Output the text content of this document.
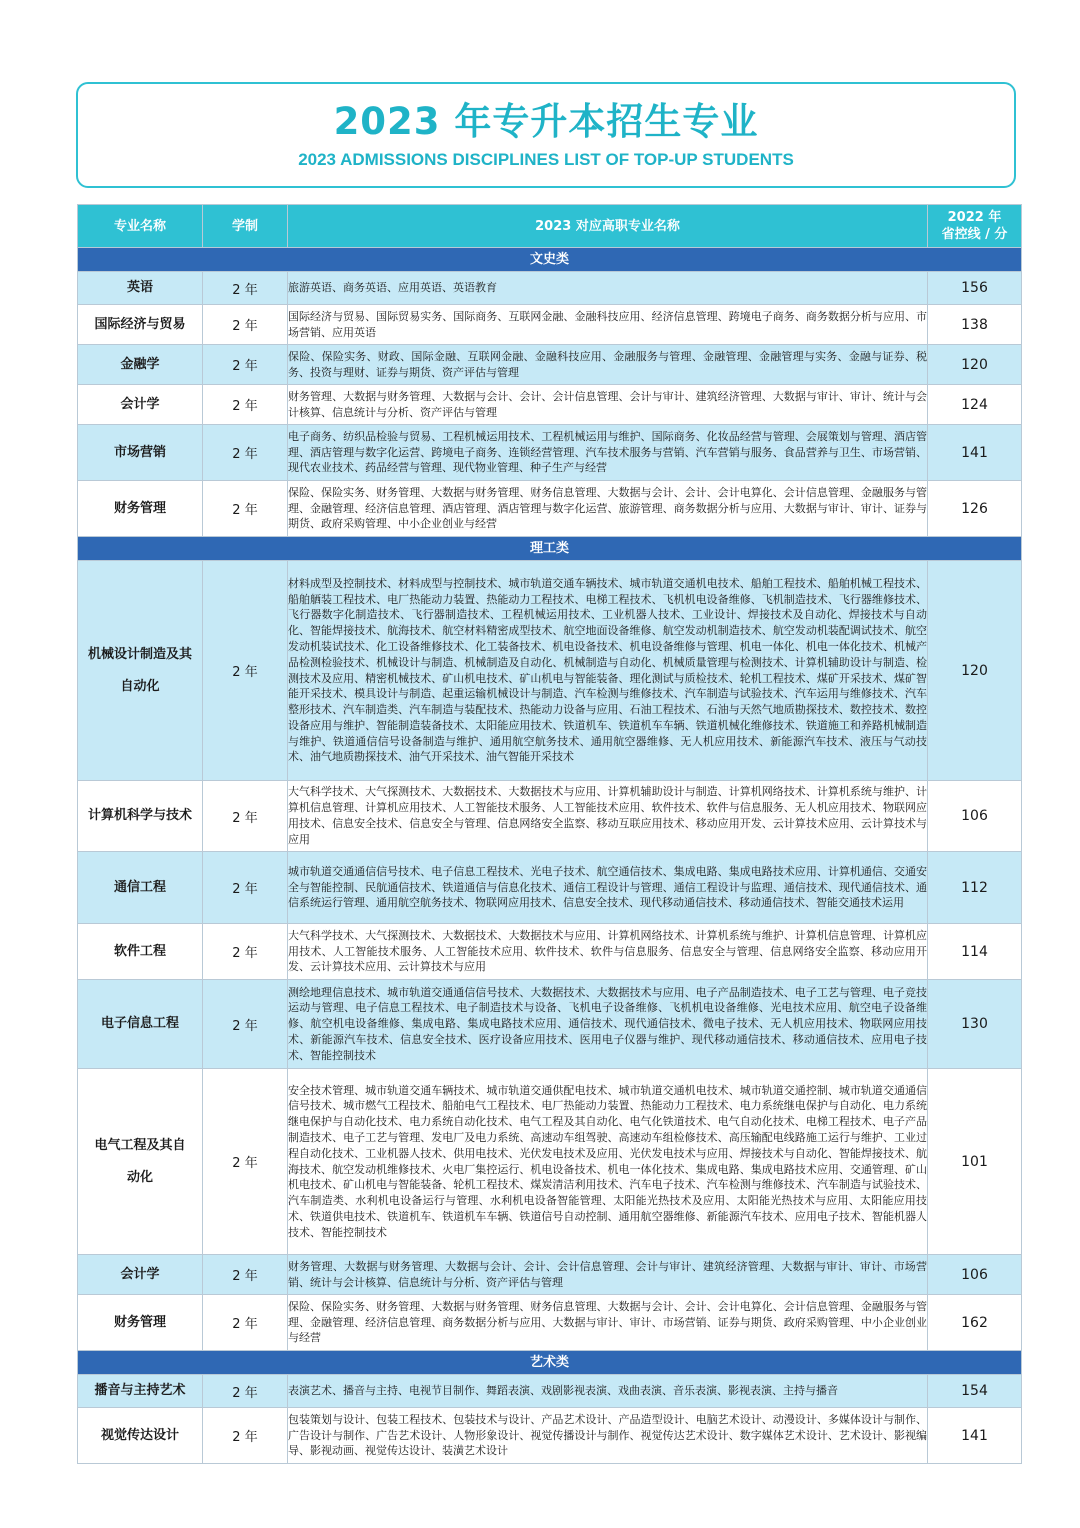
2023 年专升本招生专业
2023 ADMISSIONS DISCIPLINES LIST OF TOP-UP STUDENTS
专业名称	学制	2023 对应高职专业名称	2022 年
省控线 / 分
文史类			
英语	2 年	旅游英语、商务英语、应用英语、英语教育	156
国际经济与贸易	2 年	国际经济与贸易、国际贸易实务、国际商务、互联网金融、金融科技应用、经济信息管理、跨境电子商务、商务数据分析与应用、市场营销、应用英语	138
金融学	2 年	保险、保险实务、财政、国际金融、互联网金融、金融科技应用、金融服务与管理、金融管理、金融管理与实务、金融与证券、税务、投资与理财、证券与期货、资产评估与管理	120
会计学	2 年	财务管理、大数据与财务管理、大数据与会计、会计、会计信息管理、会计与审计、建筑经济管理、大数据与审计、审计、统计与会计核算、信息统计与分析、资产评估与管理	124
市场营销	2 年	电子商务、纺织品检验与贸易、工程机械运用技术、工程机械运用与维护、国际商务、化妆品经营与管理、会展策划与管理、酒店管理、酒店管理与数字化运营、跨境电子商务、连锁经营管理、汽车技术服务与营销、汽车营销与服务、食品营养与卫生、市场营销、现代农业技术、药品经营与管理、现代物业管理、种子生产与经营	141
财务管理	2 年	保险、保险实务、财务管理、大数据与财务管理、财务信息管理、大数据与会计、会计、会计电算化、会计信息管理、金融服务与管理、金融管理、经济信息管理、酒店管理、酒店管理与数字化运营、旅游管理、商务数据分析与应用、大数据与审计、审计、证券与期货、政府采购管理、中小企业创业与经营	126
理工类			
机械设计制造及其自动化	2 年	材料成型及控制技术、材料成型与控制技术、城市轨道交通车辆技术、城市轨道交通机电技术、船舶工程技术、船舶机械工程技术、船舶舾装工程技术、电厂热能动力装置、热能动力工程技术、电梯工程技术、飞机机电设备维修、飞机制造技术、飞行器维修技术、飞行器数字化制造技术、飞行器制造技术、工程机械运用技术、工业机器人技术、工业设计、焊接技术及自动化、焊接技术与自动化、智能焊接技术、航海技术、航空材料精密成型技术、航空地面设备维修、航空发动机制造技术、航空发动机装配调试技术、航空发动机装试技术、化工设备维修技术、化工装备技术、机电设备技术、机电设备维修与管理、机电一体化、机电一体化技术、机械产品检测检验技术、机械设计与制造、机械制造及自动化、机械制造与自动化、机械质量管理与检测技术、计算机辅助设计与制造、检测技术及应用、精密机械技术、矿山机电技术、矿山机电与智能装备、理化测试与质检技术、轮机工程技术、煤矿开采技术、煤矿智能开采技术、模具设计与制造、起重运输机械设计与制造、汽车检测与维修技术、汽车制造与试验技术、汽车运用与维修技术、汽车整形技术、汽车制造类、汽车制造与装配技术、热能动力设备与应用、石油工程技术、石油与天然气地质勘探技术、数控技术、数控设备应用与维护、智能制造装备技术、太阳能应用技术、铁道机车、铁道机车车辆、铁道机械化维修技术、铁道施工和养路机械制造与维护、铁道通信信号设备制造与维护、通用航空航务技术、通用航空器维修、无人机应用技术、新能源汽车技术、液压与气动技术、油气地质勘探技术、油气开采技术、油气智能开采技术	120
计算机科学与技术	2 年	大气科学技术、大气探测技术、大数据技术、大数据技术与应用、计算机辅助设计与制造、计算机网络技术、计算机系统与维护、计算机信息管理、计算机应用技术、人工智能技术服务、人工智能技术应用、软件技术、软件与信息服务、无人机应用技术、物联网应用技术、信息安全技术、信息安全与管理、信息网络安全监察、移动互联应用技术、移动应用开发、云计算技术应用、云计算技术与应用	106
通信工程	2 年	城市轨道交通通信信号技术、电子信息工程技术、光电子技术、航空通信技术、集成电路、集成电路技术应用、计算机通信、交通安全与智能控制、民航通信技术、铁道通信与信息化技术、通信工程设计与管理、通信工程设计与监理、通信技术、现代通信技术、通信系统运行管理、通用航空航务技术、物联网应用技术、信息安全技术、现代移动通信技术、移动通信技术、智能交通技术运用	112
软件工程	2 年	大气科学技术、大气探测技术、大数据技术、大数据技术与应用、计算机网络技术、计算机系统与维护、计算机信息管理、计算机应用技术、人工智能技术服务、人工智能技术应用、软件技术、软件与信息服务、信息安全与管理、信息网络安全监察、移动应用开发、云计算技术应用、云计算技术与应用	114
电子信息工程	2 年	测绘地理信息技术、城市轨道交通通信信号技术、大数据技术、大数据技术与应用、电子产品制造技术、电子工艺与管理、电子竞技运动与管理、电子信息工程技术、电子制造技术与设备、飞机电子设备维修、飞机机电设备维修、光电技术应用、航空电子设备维修、航空机电设备维修、集成电路、集成电路技术应用、通信技术、现代通信技术、微电子技术、无人机应用技术、物联网应用技术、新能源汽车技术、信息安全技术、医疗设备应用技术、医用电子仪器与维护、现代移动通信技术、移动通信技术、应用电子技术、智能控制技术	130
电气工程及其自动化	2 年	安全技术管理、城市轨道交通车辆技术、城市轨道交通供配电技术、城市轨道交通机电技术、城市轨道交通控制、城市轨道交通通信信号技术、城市燃气工程技术、船舶电气工程技术、电厂热能动力装置、热能动力工程技术、电力系统继电保护与自动化、电力系统继电保护与自动化技术、电力系统自动化技术、电气工程及其自动化、电气化铁道技术、电气自动化技术、电梯工程技术、电子产品制造技术、电子工艺与管理、发电厂及电力系统、高速动车组驾驶、高速动车组检修技术、高压输配电线路施工运行与维护、工业过程自动化技术、工业机器人技术、供用电技术、光伏发电技术及应用、光伏发电技术与应用、焊接技术与自动化、智能焊接技术、航海技术、航空发动机维修技术、火电厂集控运行、机电设备技术、机电一体化技术、集成电路、集成电路技术应用、交通管理、矿山机电技术、矿山机电与智能装备、轮机工程技术、煤炭清洁利用技术、汽车电子技术、汽车检测与维修技术、汽车制造与试验技术、汽车制造类、水利机电设备运行与管理、水利机电设备智能管理、太阳能光热技术及应用、太阳能光热技术与应用、太阳能应用技术、铁道供电技术、铁道机车、铁道机车车辆、铁道信号自动控制、通用航空器维修、新能源汽车技术、应用电子技术、智能机器人技术、智能控制技术	101
会计学	2 年	财务管理、大数据与财务管理、大数据与会计、会计、会计信息管理、会计与审计、建筑经济管理、大数据与审计、审计、市场营销、统计与会计核算、信息统计与分析、资产评估与管理	106
财务管理	2 年	保险、保险实务、财务管理、大数据与财务管理、财务信息管理、大数据与会计、会计、会计电算化、会计信息管理、金融服务与管理、金融管理、经济信息管理、商务数据分析与应用、大数据与审计、审计、市场营销、证券与期货、政府采购管理、中小企业创业与经营	162
艺术类			
播音与主持艺术	2 年	表演艺术、播音与主持、电视节目制作、舞蹈表演、戏剧影视表演、戏曲表演、音乐表演、影视表演、主持与播音	154
视觉传达设计	2 年	包装策划与设计、包装工程技术、包装技术与设计、产品艺术设计、产品造型设计、电脑艺术设计、动漫设计、多媒体设计与制作、广告设计与制作、广告艺术设计、人物形象设计、视觉传播设计与制作、视觉传达艺术设计、数字媒体艺术设计、艺术设计、影视编导、影视动画、视觉传达设计、装潢艺术设计	141
